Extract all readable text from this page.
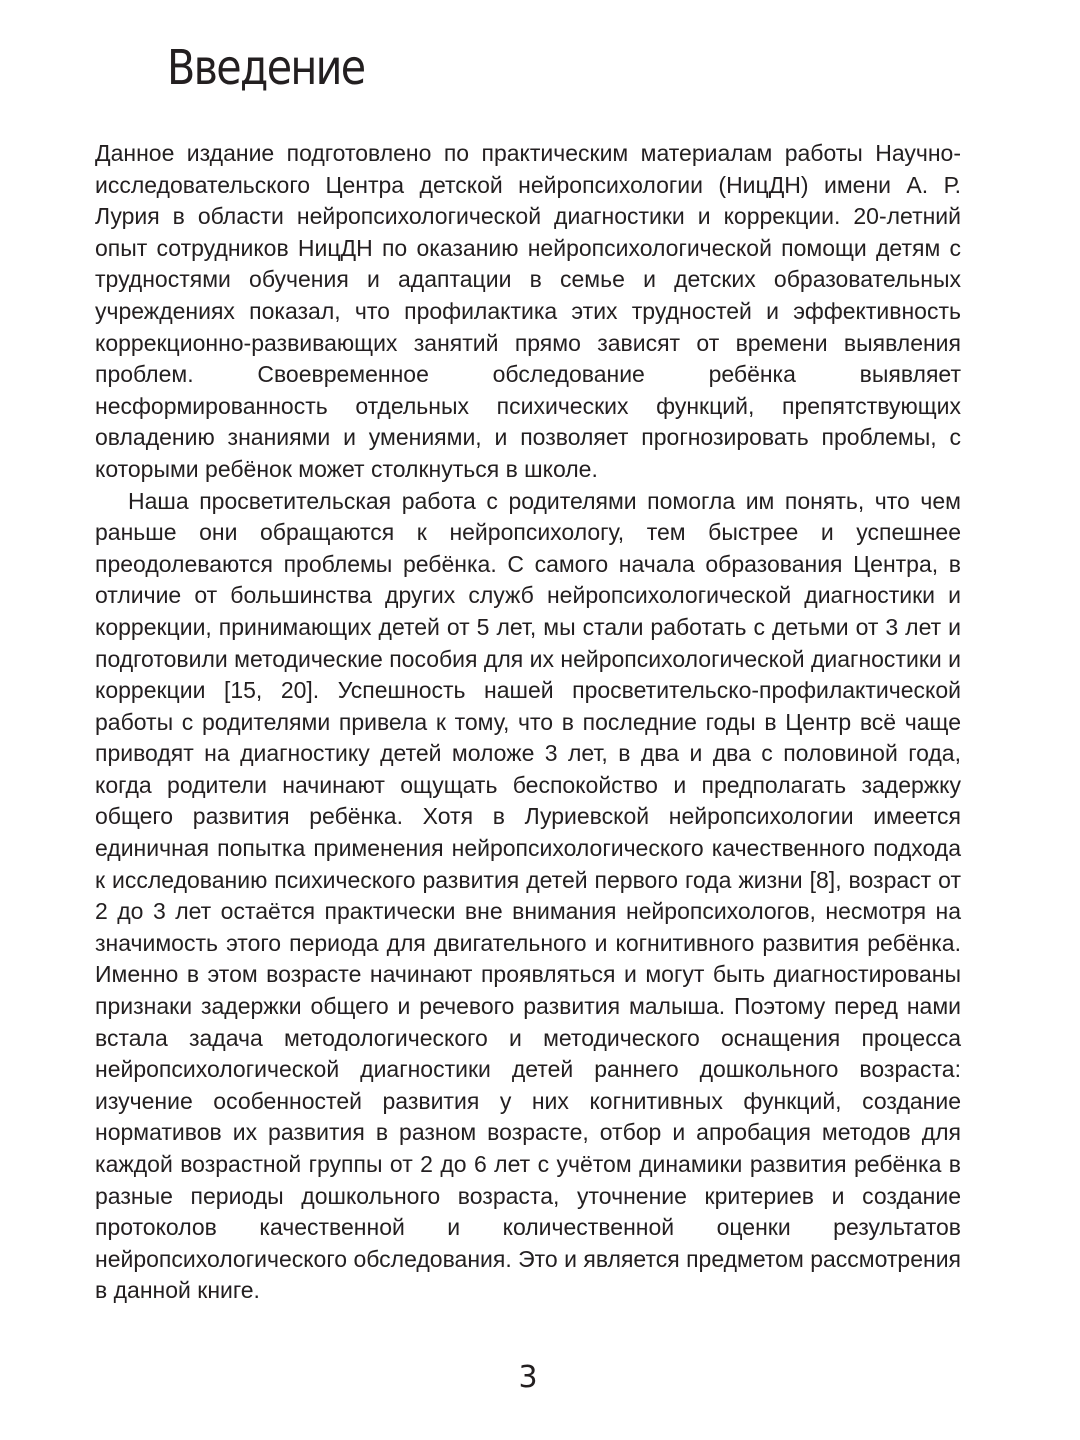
Введение

Данное издание подготовлено по практическим материалам работы Научно-исследовательского Центра детской нейропсихологии (НицДН) имени А. Р. Лурия в области нейропсихологической диагностики и коррекции. 20-летний опыт сотрудников НицДН по оказанию нейропсихологической помощи детям с трудностями обучения и адаптации в семье и детских образовательных учреждениях показал, что профилактика этих трудностей и эффективность коррекционно-развивающих занятий прямо зависят от времени выявления проблем. Своевременное обследование ребёнка выявляет несформированность отдельных психических функций, препятствующих овладению знаниями и умениями, и позволяет прогнозировать проблемы, с которыми ребёнок может столкнуться в школе.

Наша просветительская работа с родителями помогла им понять, что чем раньше они обращаются к нейропсихологу, тем быстрее и успешнее преодолеваются проблемы ребёнка. С самого начала образования Центра, в отличие от большинства других служб нейропсихологической диагностики и коррекции, принимающих детей от 5 лет, мы стали работать с детьми от 3 лет и подготовили методические пособия для их нейропсихологической диагностики и коррекции [15, 20]. Успешность нашей просветительско-профилактической работы с родителями привела к тому, что в последние годы в Центр всё чаще приводят на диагностику детей моложе 3 лет, в два и два с половиной года, когда родители начинают ощущать беспокойство и предполагать задержку общего развития ребёнка. Хотя в Луриевской нейропсихологии имеется единичная попытка применения нейропсихологического качественного подхода к исследованию психического развития детей первого года жизни [8], возраст от 2 до 3 лет остаётся практически вне внимания нейропсихологов, несмотря на значимость этого периода для двигательного и когнитивного развития ребёнка. Именно в этом возрасте начинают проявляться и могут быть диагностированы признаки задержки общего и речевого развития малыша. Поэтому перед нами встала задача методологического и методического оснащения процесса нейропсихологической диагностики детей раннего дошкольного возраста: изучение особенностей развития у них когнитивных функций, создание нормативов их развития в разном возрасте, отбор и апробация методов для каждой возрастной группы от 2 до 6 лет с учётом динамики развития ребёнка в разные периоды дошкольного возраста, уточнение критериев и создание протоколов качественной и количественной оценки результатов нейропсихологического обследования. Это и является предметом рассмотрения в данной книге.

3
